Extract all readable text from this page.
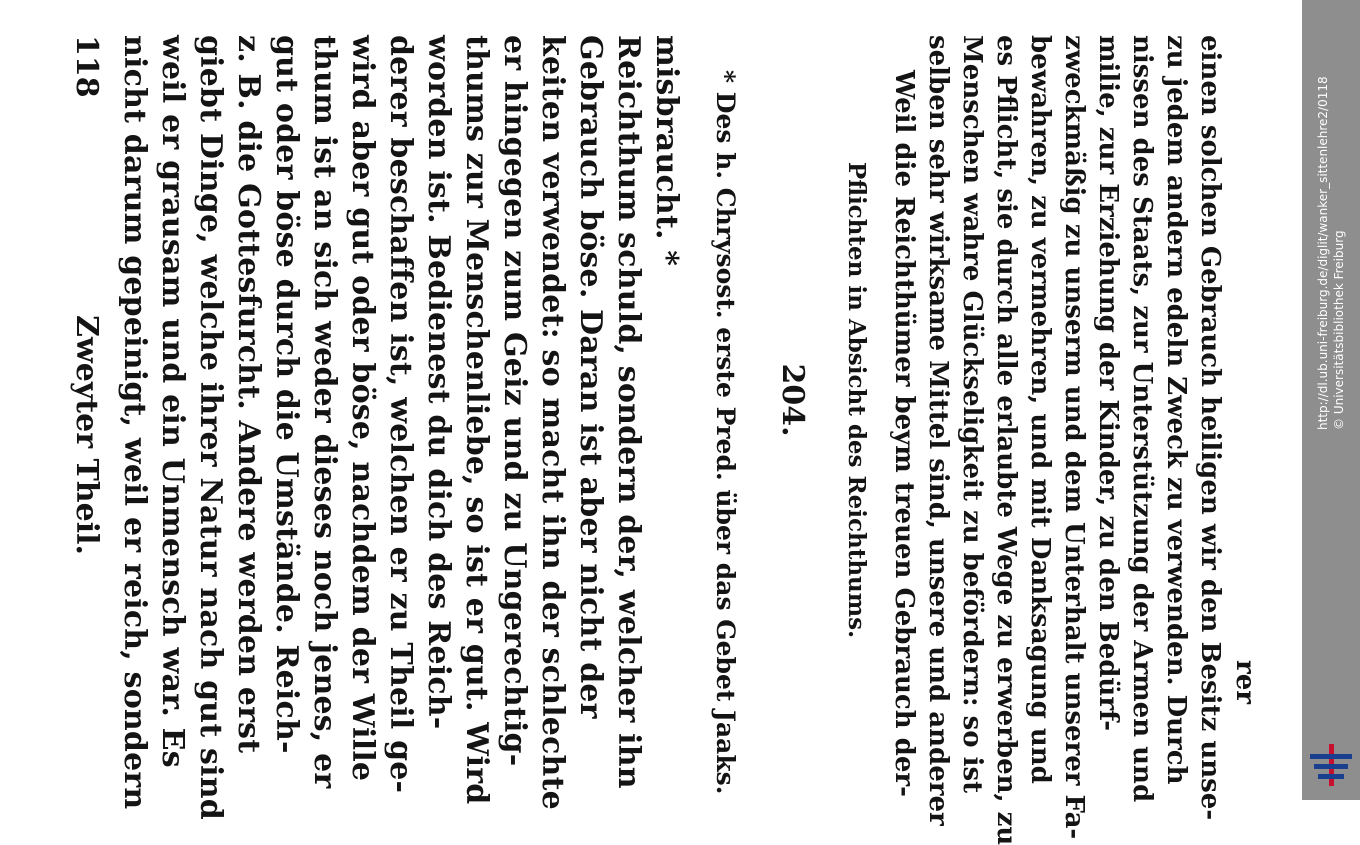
118
Zweyter Theil. nicht darum gepeinigt, weil er reich, sondern weil er grausam und ein Unmensch war. Es giebt Dinge, welche ihrer Natur nach gut sind z. B. die Gottesfurcht. Andere werden erst gut oder böse durch die Umstände. Reich- thum ist an sich weder dieses noch jenes, er wird aber gut oder böse, nachdem der Wille derer beschaffen ist, welchen er zu Theil ge- worden ist. Bedienest du dich des Reich- thums zur Menschenliebe, so ist er gut. Wird er hingegen zum Geiz und zu Ungerechtig- keiten verwendet: so macht ihn der schlechte Gebrauch böse. Daran ist aber nicht der Reichthum schuld, sondern der, welcher ihn misbraucht. * * Des h. Chrysost. erste Pred. über das Gebet Jaaks. 204. Pflichten in Absicht des Reichthums. Weil die Reichthümer beym treuen Gebrauch der- selben sehr wirksame Mittel sind, unsere und anderer Menschen wahre Glückseligkeit zu befördern: so ist es Pflicht, sie durch alle erlaubte Wege zu erwerben, zu bewahren, zu vermehren, und mit Danksagung und zweckmäßig zu unserm und dem Unterhalt unserer Fa- milie, zur Erziehung der Kinder, zu den Bedürf- nissen des Staats, zur Unterstützung der Armen und zu jedem andern edeln Zweck zu verwenden. Durch einen solchen Gebrauch heiligen wir den Besitz unse- rer
http://dl.ub.uni-freiburg.de/diglit/wanker_sittenlehre2/0118 © Universitätsbibliothek Freiburg
